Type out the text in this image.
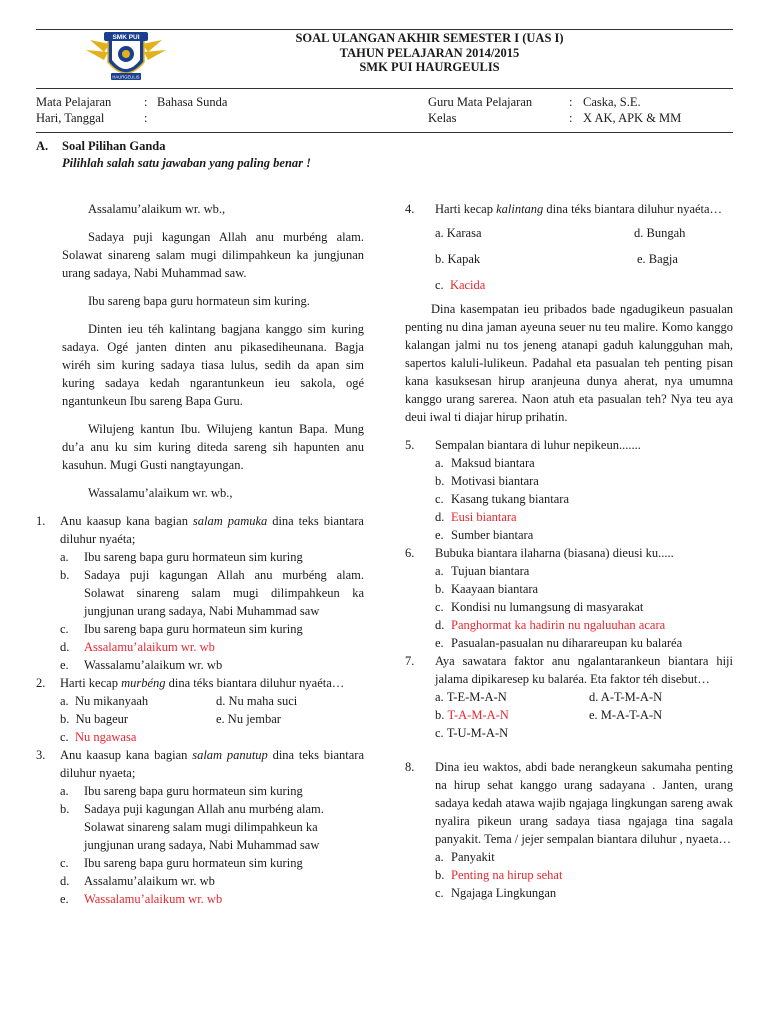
SMK PUI
HAURGEULIS
SOAL ULANGAN AKHIR SEMESTER I (UAS I)
TAHUN PELAJARAN 2014/2015
SMK PUI HAURGEULIS
Mata Pelajaran	: Bahasa Sunda
Hari, Tanggal	:
Guru Mata Pelajaran	: Caska, S.E.
Kelas	: X AK, APK & MM
A. Soal Pilihan Ganda
Pilihlah salah satu jawaban yang paling benar !
Assalamu’alaikum wr. wb.,
Sadaya puji kagungan Allah anu murbéng alam. Solawat sinareng salam mugi dilimpahkeun ka jungjunan urang sadaya, Nabi Muhammad saw.
Ibu sareng bapa guru hormateun sim kuring.
Dinten ieu téh kalintang bagjana kanggo sim kuring sadaya. Ogé janten dinten anu pikasediheunana. Bagja wiréh sim kuring sadaya tiasa lulus, sedih da apan sim kuring sadaya kedah ngarantunkeun ieu sakola, ogé ngantunkeun Ibu sareng Bapa Guru.
Wilujeng kantun Ibu. Wilujeng kantun Bapa. Mung du’a anu ku sim kuring diteda sareng sih hapunten anu kasuhun. Mugi Gusti nangtayungan.
Wassalamu’alaikum wr. wb.,
1. Anu kaasup kana bagian salam pamuka dina teks biantara diluhur nyaéta;
a. Ibu sareng bapa guru hormateun sim kuring
b. Sadaya puji kagungan Allah anu murbéng alam. Solawat sinareng salam mugi dilimpahkeun ka jungjunan urang sadaya, Nabi Muhammad saw
c. Ibu sareng bapa guru hormateun sim kuring
d. Assalamu’alaikum wr. wb
e. Wassalamu’alaikum wr. wb
2. Harti kecap murbéng dina téks biantara diluhur nyaéta…
a. Nu mikanyaah	d. Nu maha suci
b. Nu bageur	e. Nu jembar
c. Nu ngawasa
3. Anu kaasup kana bagian salam panutup dina teks biantara diluhur nyaeta;
a. Ibu sareng bapa guru hormateun sim kuring
b. Sadaya puji kagungan Allah anu murbéng alam. Solawat sinareng salam mugi dilimpahkeun ka jungjunan urang sadaya, Nabi Muhammad saw
c. Ibu sareng bapa guru hormateun sim kuring
d. Assalamu’alaikum wr. wb
e. Wassalamu’alaikum wr. wb
4. Harti kecap kalintang dina téks biantara diluhur nyaéta…
a. Karasa	d. Bungah
b. Kapak	e. Bagja
c. Kacida
Dina kasempatan ieu pribados bade ngadugikeun pasualan penting nu dina jaman ayeuna seuer nu teu malire. Komo kanggo kalangan jalmi nu tos jeneng atanapi gaduh kalungguhan mah, sapertos kaluli-lulikeun. Padahal eta pasualan teh penting pisan kana kasuksesan hirup aranjeuna dunya aherat, nya umumna kanggo urang sarerea. Naon atuh eta pasualan teh? Nya teu aya deui iwal ti diajar hirup prihatin.
5. Sempalan biantara di luhur nepikeun.......
a. Maksud biantara
b. Motivasi biantara
c. Kasang tukang biantara
d. Eusi biantara
e. Sumber biantara
6. Bubuka biantara ilaharna (biasana) dieusi ku.....
a. Tujuan biantara
b. Kaayaan biantara
c. Kondisi nu lumangsung di masyarakat
d. Panghormat ka hadirin nu ngaluuhan acara
e. Pasualan-pasualan nu diharareupan ku balaréa
7. Aya sawatara faktor anu ngalantarankeun biantara hiji jalama dipikaresep ku balaréa. Eta faktor téh disebut…
a. T-E-M-A-N	d. A-T-M-A-N
b. T-A-M-A-N	e. M-A-T-A-N
c. T-U-M-A-N
8. Dina ieu waktos, abdi bade nerangkeun sakumaha penting na hirup sehat kanggo urang sadayana . Janten, urang sadaya kedah atawa wajib ngajaga lingkungan sareng awak nyalira pikeun urang sadaya tiasa ngajaga tina sagala panyakit. Tema / jejer sempalan biantara diluhur , nyaeta…
a. Panyakit
b. Penting na hirup sehat
c. Ngajaga Lingkungan
